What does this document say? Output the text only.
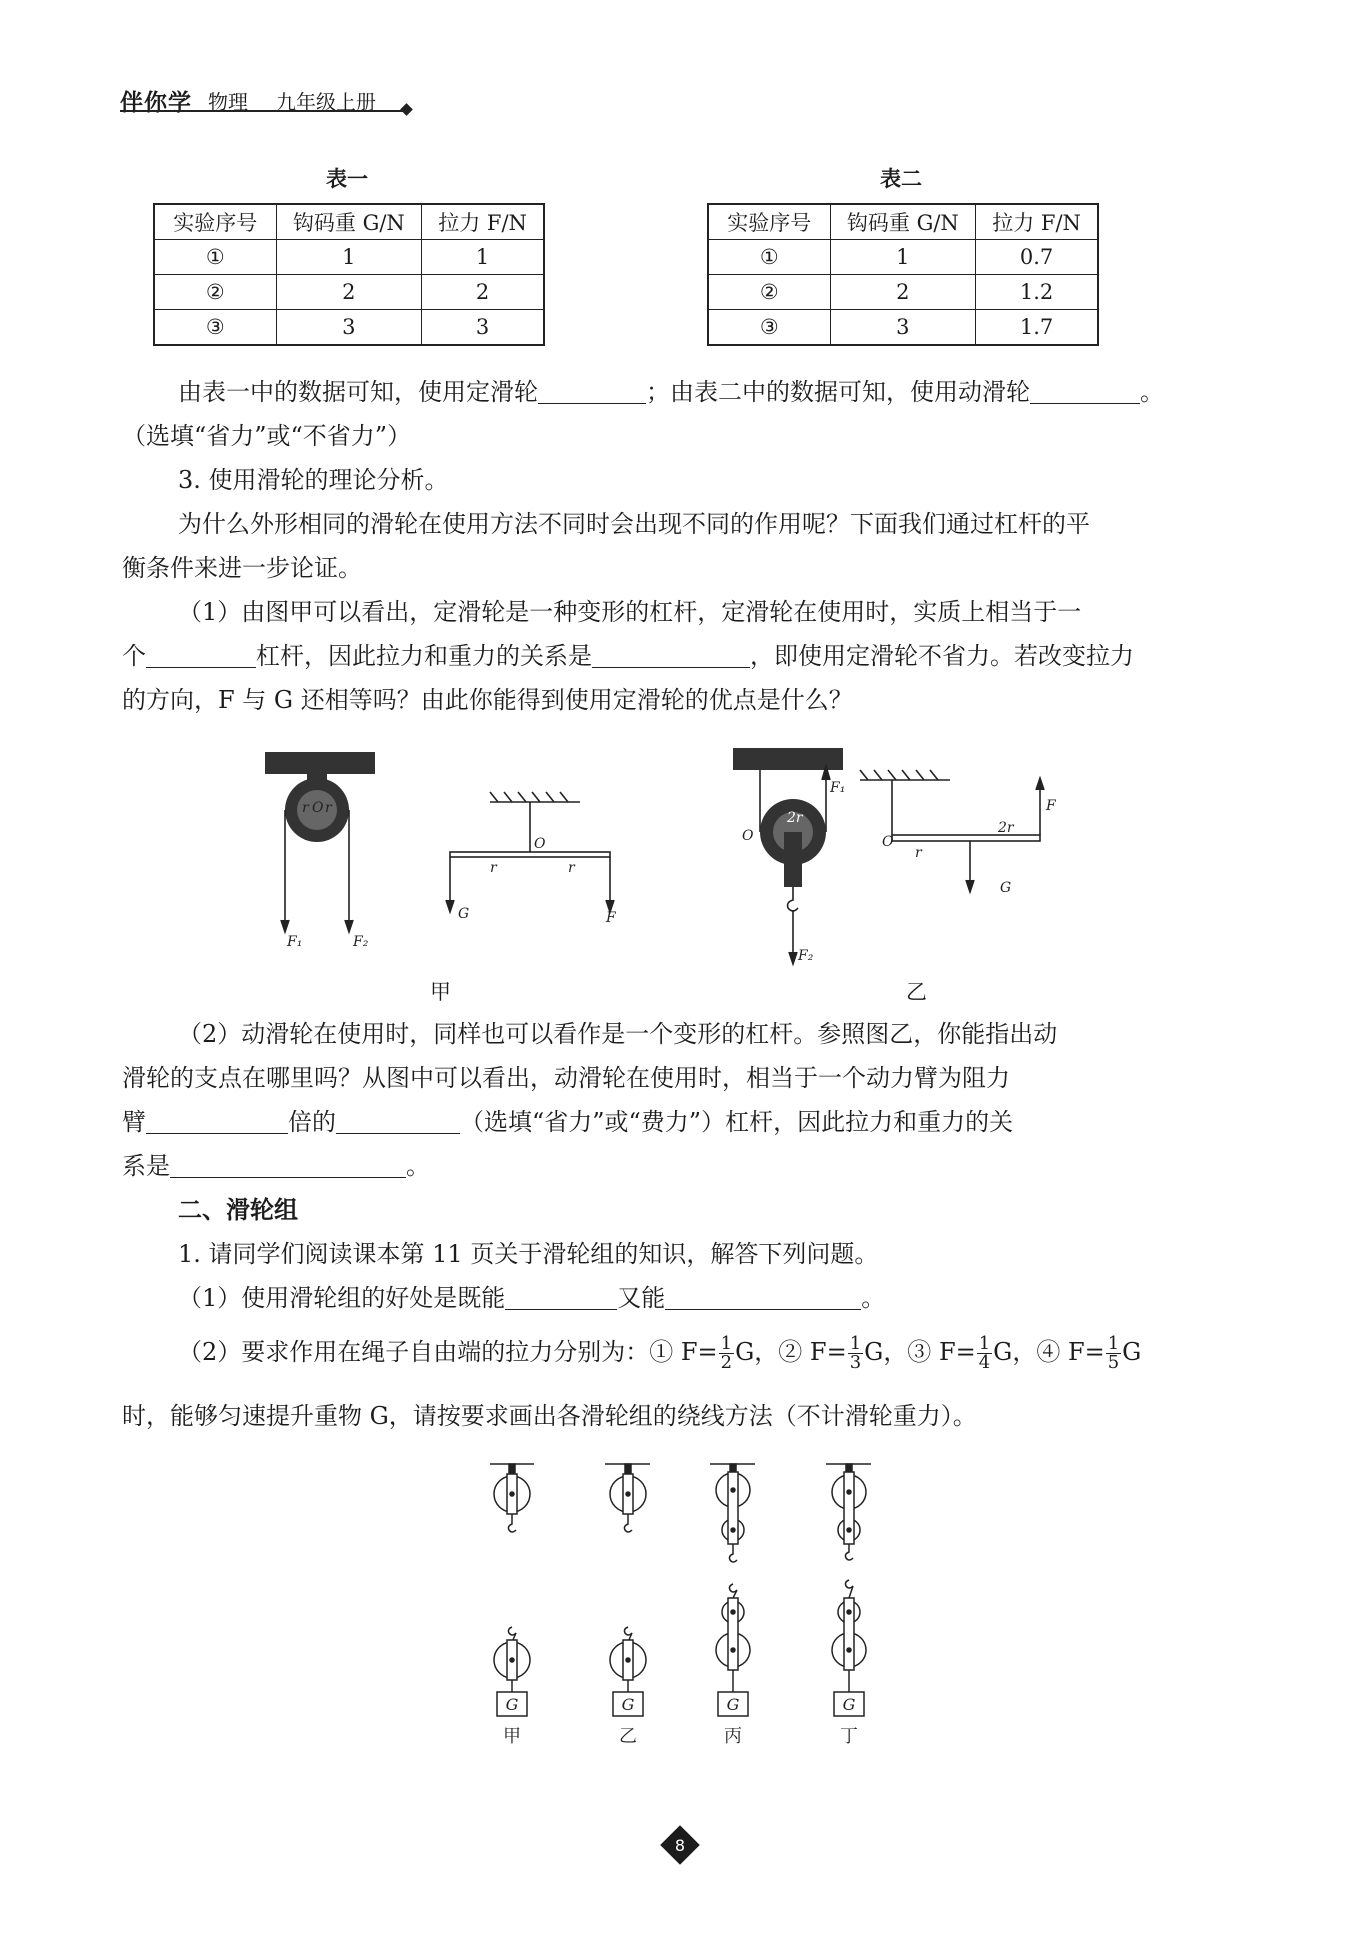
伴你学 物理 九年级上册
表一
实验序号	钩码重 G/N	拉力 F/N
①	1	1
②	2	2
③	3	3
表二
实验序号	钩码重 G/N	拉力 F/N
①	1	0.7
②	2	1.2
③	3	1.7
由表一中的数据可知，使用定滑轮	；由表二中的数据可知，使用动滑轮	。
（选填“省力”或“不省力”）
3. 使用滑轮的理论分析。
为什么外形相同的滑轮在使用方法不同时会出现不同的作用呢？下面我们通过杠杆的平
衡条件来进一步论证。
（1）由图甲可以看出，定滑轮是一种变形的杠杆，定滑轮在使用时，实质上相当于一
个	杠杆，因此拉力和重力的关系是	，即使用定滑轮不省力。若改变拉力
的方向，F 与 G 还相等吗？由此你能得到使用定滑轮的优点是什么？
r O r
F₁	F₂
O
r	r
G	F
2r
O
F₁
F₂
2r
r
O
F
G
甲	乙
（2）动滑轮在使用时，同样也可以看作是一个变形的杠杆。参照图乙，你能指出动
滑轮的支点在哪里吗？从图中可以看出，动滑轮在使用时，相当于一个动力臂为阻力
臂	倍的	（选填“省力”或“费力”）杠杆，因此拉力和重力的关
系是	。
二、滑轮组
1. 请同学们阅读课本第 11 页关于滑轮组的知识，解答下列问题。
（1）使用滑轮组的好处是既能	又能	。
（2）要求作用在绳子自由端的拉力分别为：① $F= \frac{1}{2}$ G，② $F= \frac{1}{3}$ G，③ $F= \frac{1}{4}$ G，④ $F= \frac{1}{5}$ G
时，能够匀速提升重物 G，请按要求画出各滑轮组的绕线方法（不计滑轮重力）。
G	G	G	G
甲	乙	丙	丁
8
